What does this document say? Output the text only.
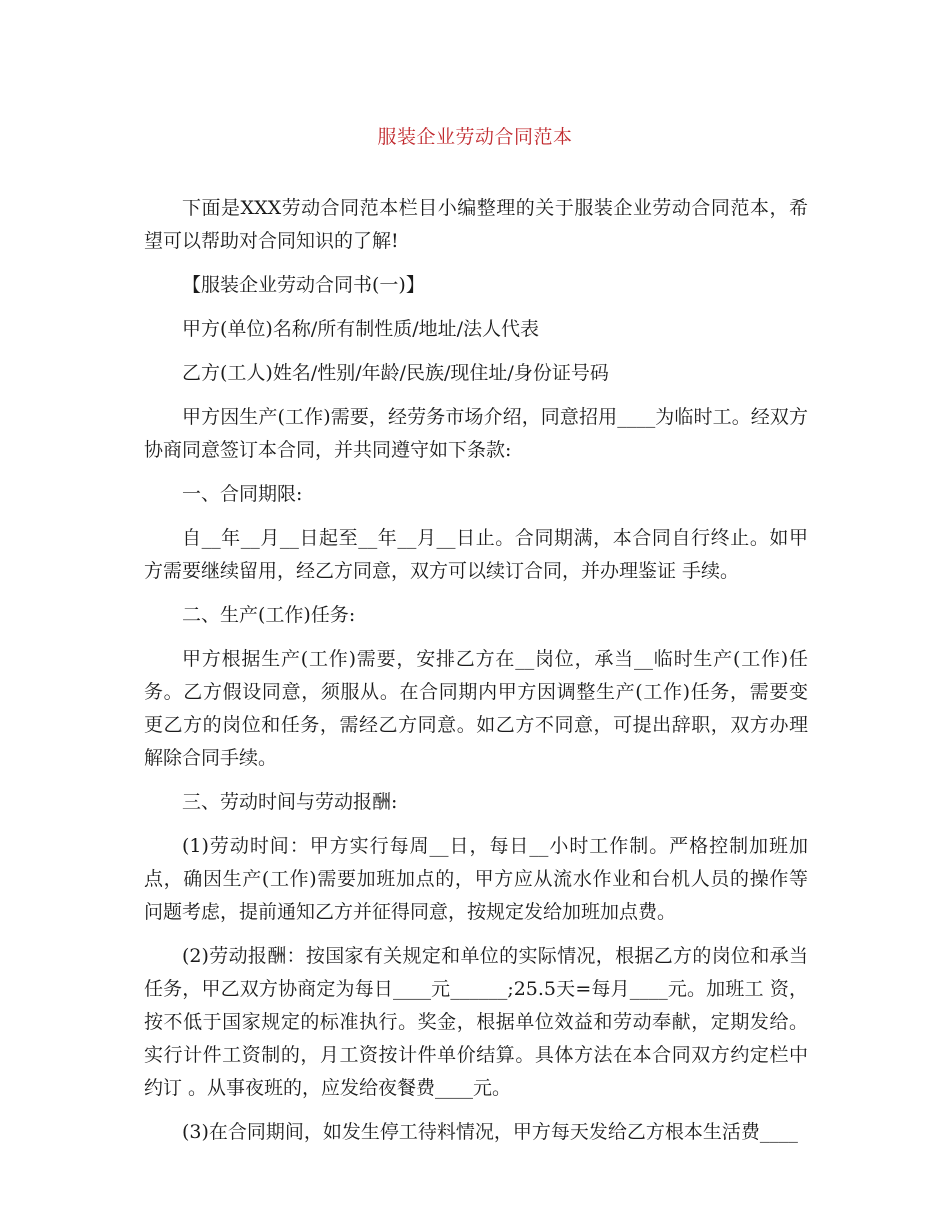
服装企业劳动合同范本

下面是XXX劳动合同范本栏目小编整理的关于服装企业劳动合同范本，希望可以帮助对合同知识的了解!

【服装企业劳动合同书(一)】

甲方(单位)名称/所有制性质/地址/法人代表

乙方(工人)姓名/性别/年龄/民族/现住址/身份证号码

甲方因生产(工作)需要，经劳务市场介绍，同意招用____为临时工。经双方协商同意签订本合同，并共同遵守如下条款:

一、合同期限:

自__年__月__日起至__年__月__日止。合同期满，本合同自行终止。如甲方需要继续留用，经乙方同意，双方可以续订合同，并办理鉴证 手续。

二、生产(工作)任务:

甲方根据生产(工作)需要，安排乙方在__岗位，承当__临时生产(工作)任务。乙方假设同意，须服从。在合同期内甲方因调整生产(工作)任务，需要变 更乙方的岗位和任务，需经乙方同意。如乙方不同意，可提出辞职，双方办理解除合同手续。

三、劳动时间与劳动报酬:

(1)劳动时间：甲方实行每周__日，每日__小时工作制。严格控制加班加点，确因生产(工作)需要加班加点的，甲方应从流水作业和台机人员的操作等 问题考虑，提前通知乙方并征得同意，按规定发给加班加点费。

(2)劳动报酬：按国家有关规定和单位的实际情况，根据乙方的岗位和承当任务，甲乙双方协商定为每日____元______;25.5天=每月____元。加班工 资，按不低于国家规定的标准执行。奖金，根据单位效益和劳动奉献，定期发给。 实行计件工资制的，月工资按计件单价结算。具体方法在本合同双方约定栏中约订 。从事夜班的，应发给夜餐费____元。

(3)在合同期间，如发生停工待料情况，甲方每天发给乙方根本生活费____
